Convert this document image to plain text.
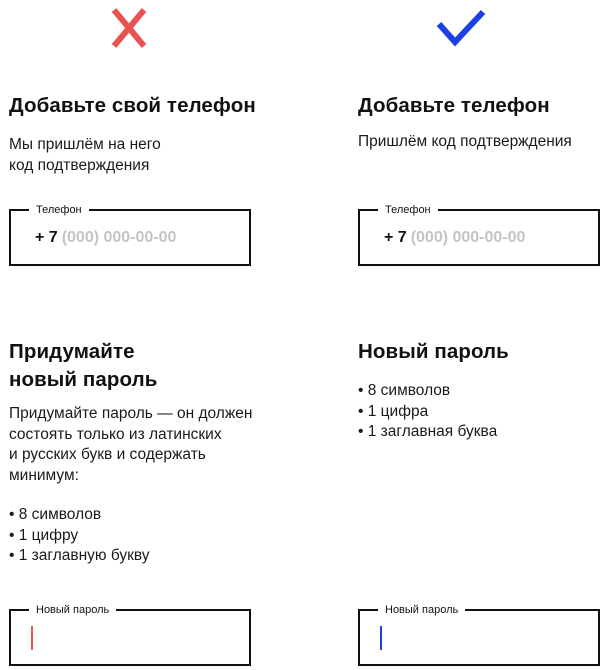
Добавьте свой телефон

Мы пришлём на него
код подтверждения

Телефон
+ 7 (000) 000-00-00
Придумайте
новый пароль

Придумайте пароль — он должен
состоять только из латинских
и русских букв и содержать
минимум:

• 8 символов
• 1 цифру
• 1 заглавную букву
Новый пароль
Добавьте телефон

Пришлём код подтверждения

Телефон
+ 7 (000) 000-00-00
Новый пароль
• 8 символов
• 1 цифра
• 1 заглавная буква
Новый пароль
